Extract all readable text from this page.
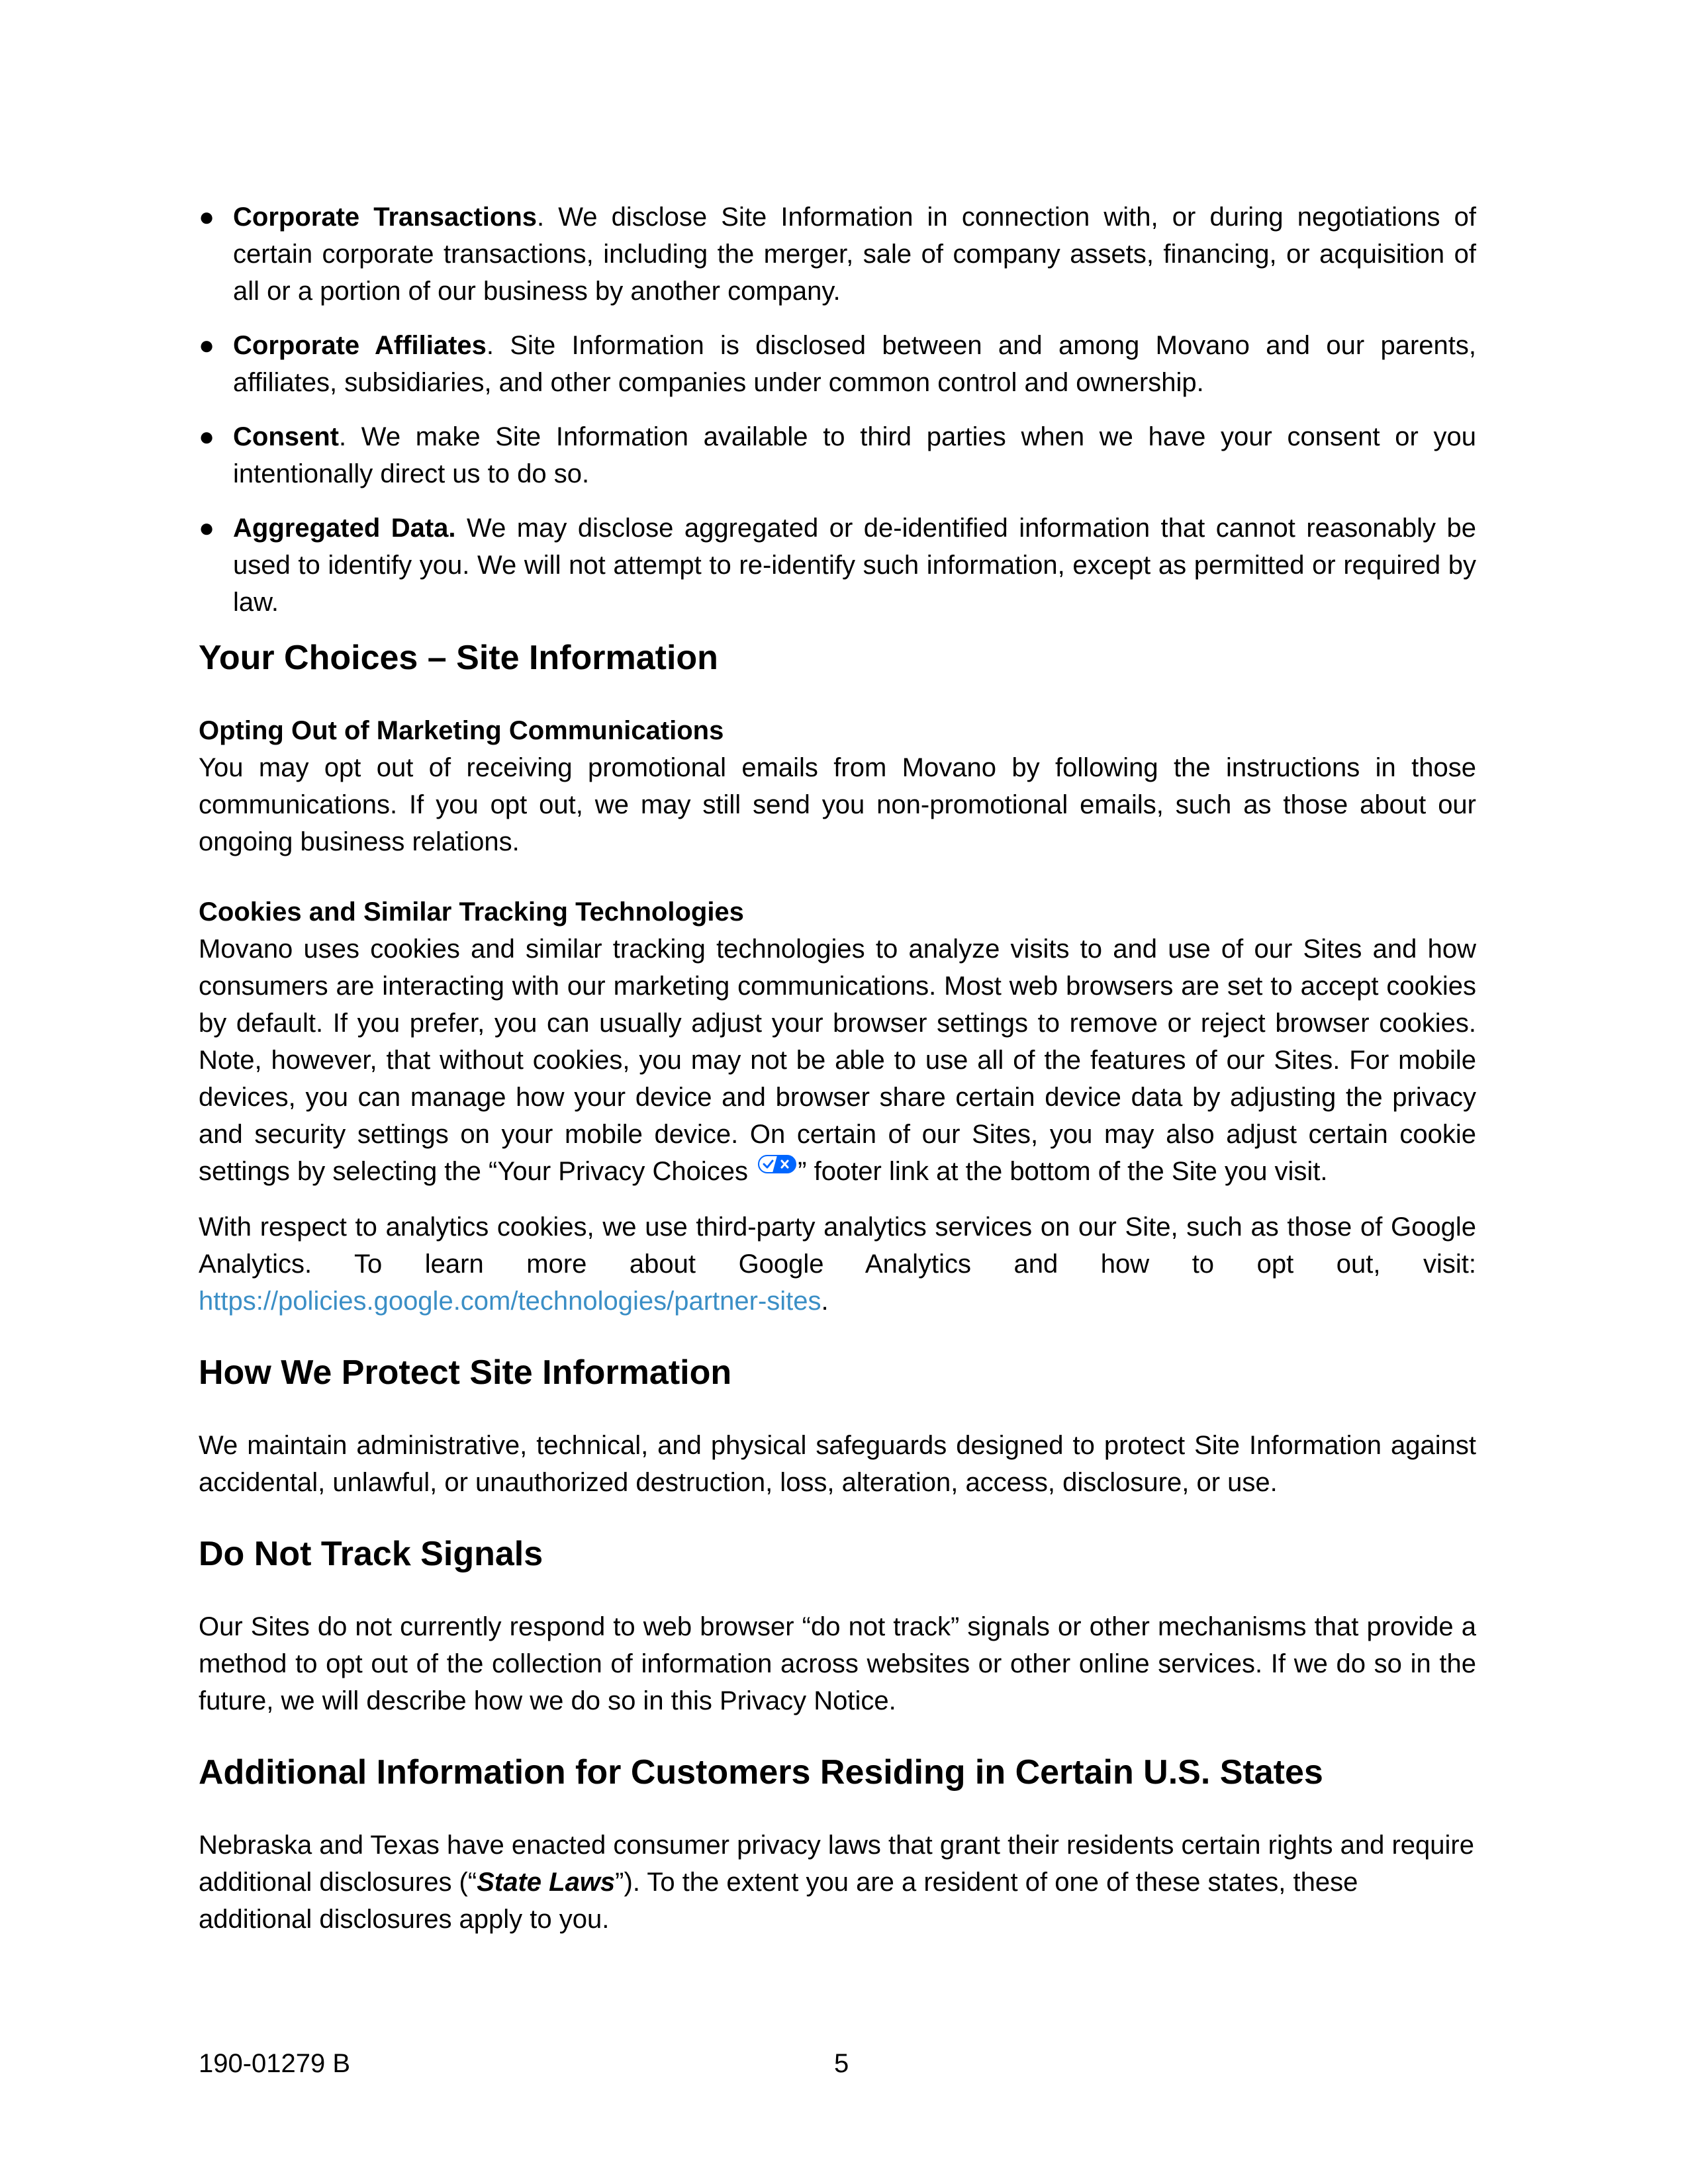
● Corporate Transactions. We disclose Site Information in connection with, or during negotiations of certain corporate transactions, including the merger, sale of company assets, financing, or acquisition of all or a portion of our business by another company.
● Corporate Affiliates. Site Information is disclosed between and among Movano and our parents, affiliates, subsidiaries, and other companies under common control and ownership.
● Consent. We make Site Information available to third parties when we have your consent or you intentionally direct us to do so.
● Aggregated Data. We may disclose aggregated or de-identified information that cannot reasonably be used to identify you. We will not attempt to re-identify such information, except as permitted or required by law.
Your Choices – Site Information
Opting Out of Marketing Communications

You may opt out of receiving promotional emails from Movano by following the instructions in those communications. If you opt out, we may still send you non-promotional emails, such as those about our ongoing business relations.

Cookies and Similar Tracking Technologies

Movano uses cookies and similar tracking technologies to analyze visits to and use of our Sites and how consumers are interacting with our marketing communications. Most web browsers are set to accept cookies by default. If you prefer, you can usually adjust your browser settings to remove or reject browser cookies. Note, however, that without cookies, you may not be able to use all of the features of our Sites. For mobile devices, you can manage how your device and browser share certain device data by adjusting the privacy and security settings on your mobile device. On certain of our Sites, you may also adjust certain cookie settings by selecting the “Your Privacy Choices ” footer link at the bottom of the Site you visit.

With respect to analytics cookies, we use third-party analytics services on our Site, such as those of Google Analytics. To learn more about Google Analytics and how to opt out, visit: https://policies.google.com/technologies/partner-sites.

How We Protect Site Information

We maintain administrative, technical, and physical safeguards designed to protect Site Information against accidental, unlawful, or unauthorized destruction, loss, alteration, access, disclosure, or use.

Do Not Track Signals

Our Sites do not currently respond to web browser “do not track” signals or other mechanisms that provide a method to opt out of the collection of information across websites or other online services. If we do so in the future, we will describe how we do so in this Privacy Notice.

Additional Information for Customers Residing in Certain U.S. States

Nebraska and Texas have enacted consumer privacy laws that grant their residents certain rights and require additional disclosures (“State Laws”). To the extent you are a resident of one of these states, these additional disclosures apply to you.

190-01279 B	5
